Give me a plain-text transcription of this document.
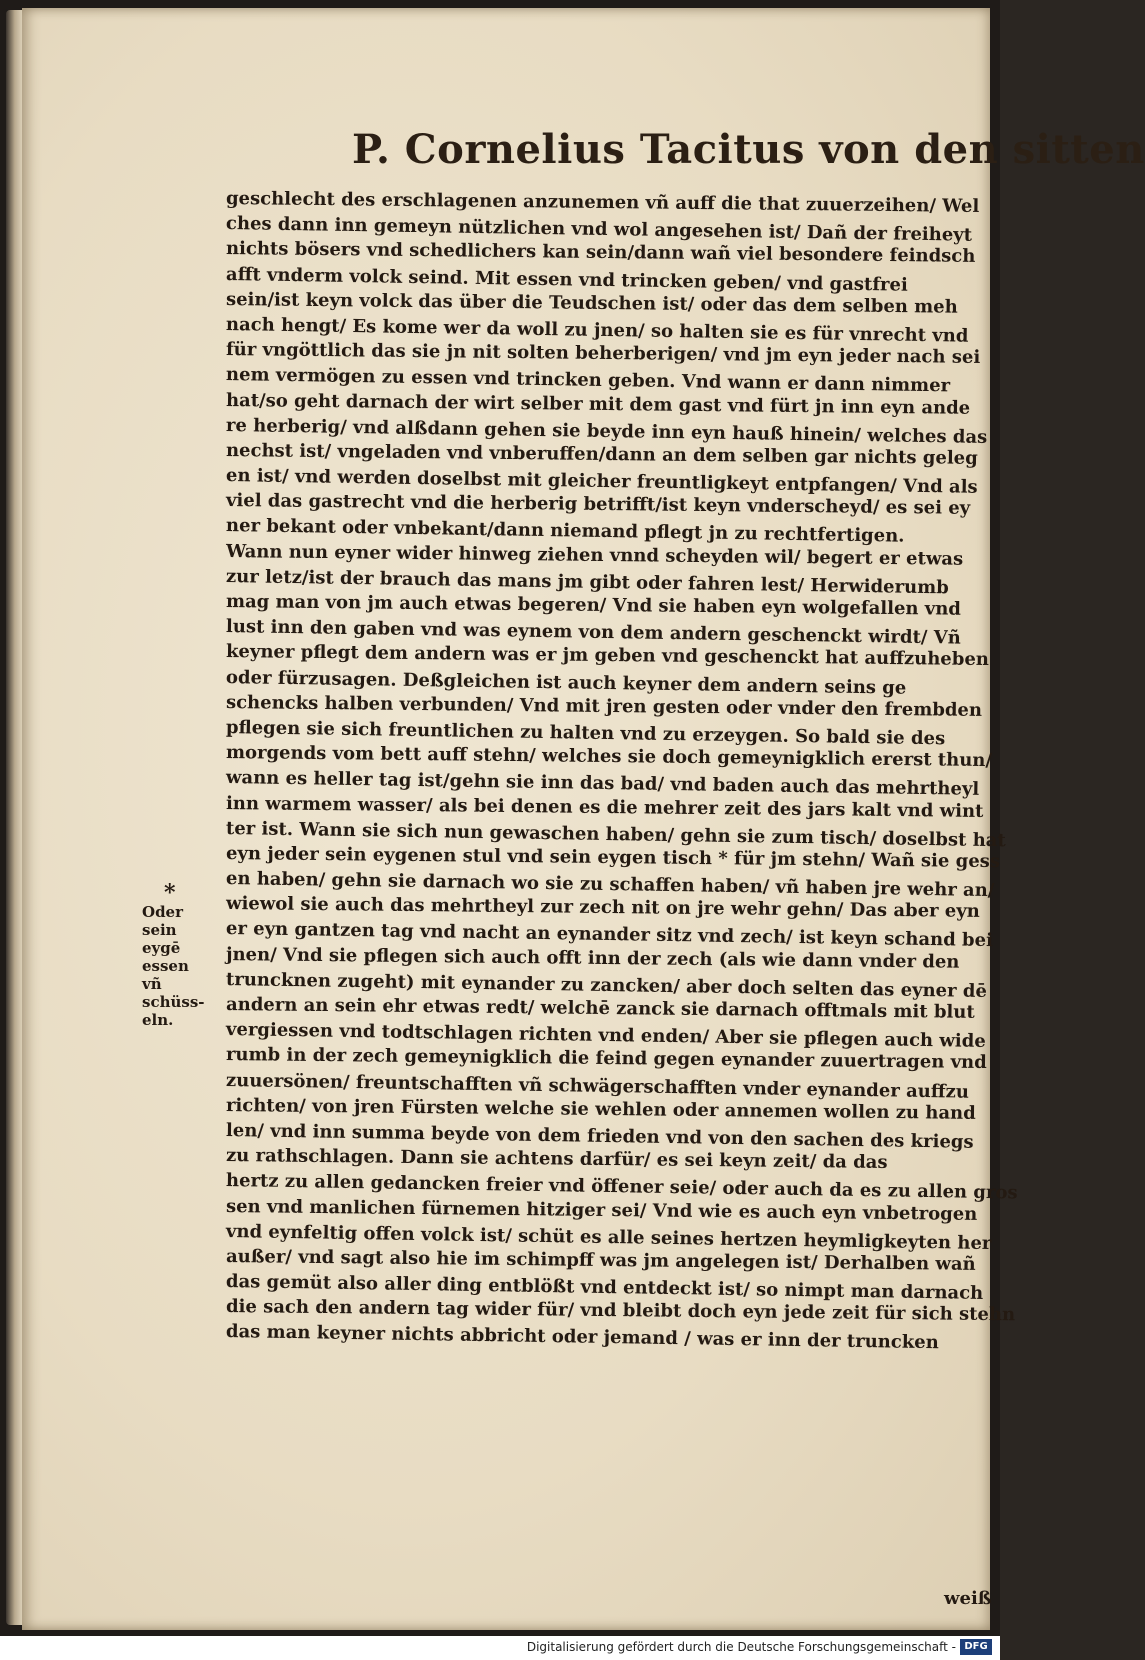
P. Cornelius Tacitus von den sitten
geschlecht des erschlagenen anzunemen vñ auff die that zuuerzeihen/ Wel
ches dann inn gemeyn nützlichen vnd wol angesehen ist/ Dañ der freiheyt
nichts bösers vnd schedlichers kan sein/dann wañ viel besondere feindsch
afft vnderm volck seind. Mit essen vnd trincken geben/ vnd gastfrei
sein/ist keyn volck das über die Teudschen ist/ oder das dem selben meh
nach hengt/ Es kome wer da woll zu jnen/ so halten sie es für vnrecht vnd
für vngöttlich das sie jn nit solten beherberigen/ vnd jm eyn jeder nach sei
nem vermögen zu essen vnd trincken geben. Vnd wann er dann nimmer
hat/so geht darnach der wirt selber mit dem gast vnd fürt jn inn eyn ande
re herberig/ vnd alßdann gehen sie beyde inn eyn hauß hinein/ welches das
nechst ist/ vngeladen vnd vnberuffen/dann an dem selben gar nichts geleg
en ist/ vnd werden doselbst mit gleicher freuntligkeyt entpfangen/ Vnd als
viel das gastrecht vnd die herberig betrifft/ist keyn vnderscheyd/ es sei ey
ner bekant oder vnbekant/dann niemand pflegt jn zu rechtfertigen.
Wann nun eyner wider hinweg ziehen vnnd scheyden wil/ begert er etwas
zur letz/ist der brauch das mans jm gibt oder fahren lest/ Herwiderumb
mag man von jm auch etwas begeren/ Vnd sie haben eyn wolgefallen vnd
lust inn den gaben vnd was eynem von dem andern geschenckt wirdt/ Vñ
keyner pflegt dem andern was er jm geben vnd geschenckt hat auffzuheben
oder fürzusagen. Deßgleichen ist auch keyner dem andern seins ge
schencks halben verbunden/ Vnd mit jren gesten oder vnder den frembden
pflegen sie sich freuntlichen zu halten vnd zu erzeygen. So bald sie des
morgends vom bett auff stehn/ welches sie doch gemeynigklich ererst thun/
wann es heller tag ist/gehn sie inn das bad/ vnd baden auch das mehrtheyl
inn warmem wasser/ als bei denen es die mehrer zeit des jars kalt vnd wint
ter ist. Wann sie sich nun gewaschen haben/ gehn sie zum tisch/ doselbst hat
eyn jeder sein eygenen stul vnd sein eygen tisch * für jm stehn/ Wañ sie gess
en haben/ gehn sie darnach wo sie zu schaffen haben/ vñ haben jre wehr an/
wiewol sie auch das mehrtheyl zur zech nit on jre wehr gehn/ Das aber eyn
er eyn gantzen tag vnd nacht an eynander sitz vnd zech/ ist keyn schand bei
jnen/ Vnd sie pflegen sich auch offt inn der zech (als wie dann vnder den
truncknen zugeht) mit eynander zu zancken/ aber doch selten das eyner dē
andern an sein ehr etwas redt/ welchē zanck sie darnach offtmals mit blut
vergiessen vnd todtschlagen richten vnd enden/ Aber sie pflegen auch wide
rumb in der zech gemeynigklich die feind gegen eynander zuuertragen vnd
zuuersönen/ freuntschafften vñ schwägerschafften vnder eynander auffzu
richten/ von jren Fürsten welche sie wehlen oder annemen wollen zu hand
len/ vnd inn summa beyde von dem frieden vnd von den sachen des kriegs
zu rathschlagen. Dann sie achtens darfür/ es sei keyn zeit/ da das
hertz zu allen gedancken freier vnd öffener seie/ oder auch da es zu allen gros
sen vnd manlichen fürnemen hitziger sei/ Vnd wie es auch eyn vnbetrogen
vnd eynfeltig offen volck ist/ schüt es alle seines hertzen heymligkeyten her
außer/ vnd sagt also hie im schimpff was jm angelegen ist/ Derhalben wañ
das gemüt also aller ding entblößt vnd entdeckt ist/ so nimpt man darnach
die sach den andern tag wider für/ vnd bleibt doch eyn jede zeit für sich stehn
das man keyner nichts abbricht oder jemand / was er inn der truncken
*
Oder sein
eygē essen
vñ schüss-
eln.
weiß
Digitalisierung gefördert durch die Deutsche Forschungsgemeinschaft - DFG
